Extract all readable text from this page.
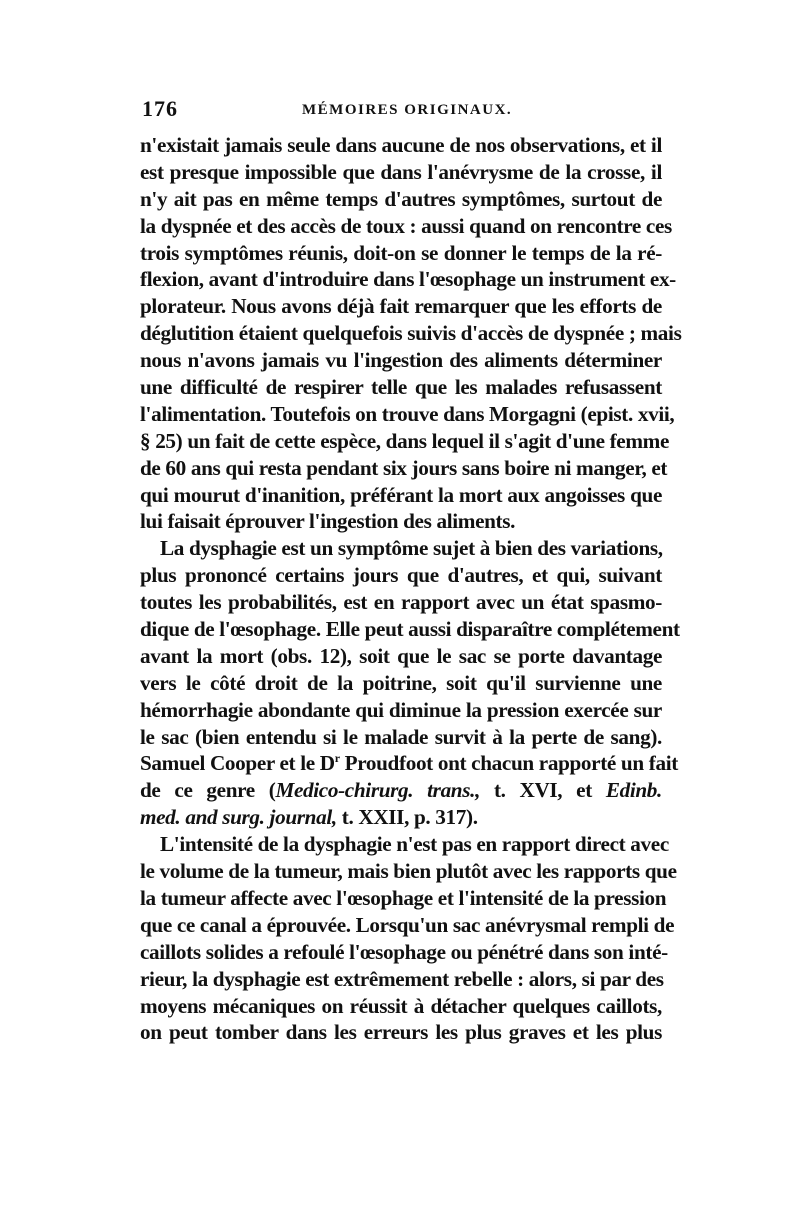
176	MÉMOIRES ORIGINAUX.
n'existait jamais seule dans aucune de nos observations, et il
est presque impossible que dans l'anévrysme de la crosse, il
n'y ait pas en même temps d'autres symptômes, surtout de
la dyspnée et des accès de toux : aussi quand on rencontre ces
trois symptômes réunis, doit-on se donner le temps de la ré-
flexion, avant d'introduire dans l'œsophage un instrument ex-
plorateur. Nous avons déjà fait remarquer que les efforts de
déglutition étaient quelquefois suivis d'accès de dyspnée ; mais
nous n'avons jamais vu l'ingestion des aliments déterminer
une difficulté de respirer telle que les malades refusassent
l'alimentation. Toutefois on trouve dans Morgagni (epist. xvii,
§ 25) un fait de cette espèce, dans lequel il s'agit d'une femme
de 60 ans qui resta pendant six jours sans boire ni manger, et
qui mourut d'inanition, préférant la mort aux angoisses que
lui faisait éprouver l'ingestion des aliments.
La dysphagie est un symptôme sujet à bien des variations,
plus prononcé certains jours que d'autres, et qui, suivant
toutes les probabilités, est en rapport avec un état spasmo-
dique de l'œsophage. Elle peut aussi disparaître complétement
avant la mort (obs. 12), soit que le sac se porte davantage
vers le côté droit de la poitrine, soit qu'il survienne une
hémorrhagie abondante qui diminue la pression exercée sur
le sac (bien entendu si le malade survit à la perte de sang).
Samuel Cooper et le $D^r$ Proudfoot ont chacun rapporté un fait
de ce genre (Medico-chirurg. trans., t. XVI, et Edinb.
med. and surg. journal, t. XXII, p. 317).
L'intensité de la dysphagie n'est pas en rapport direct avec
le volume de la tumeur, mais bien plutôt avec les rapports que
la tumeur affecte avec l'œsophage et l'intensité de la pression
que ce canal a éprouvée. Lorsqu'un sac anévrysmal rempli de
caillots solides a refoulé l'œsophage ou pénétré dans son inté-
rieur, la dysphagie est extrêmement rebelle : alors, si par des
moyens mécaniques on réussit à détacher quelques caillots,
on peut tomber dans les erreurs les plus graves et les plus
